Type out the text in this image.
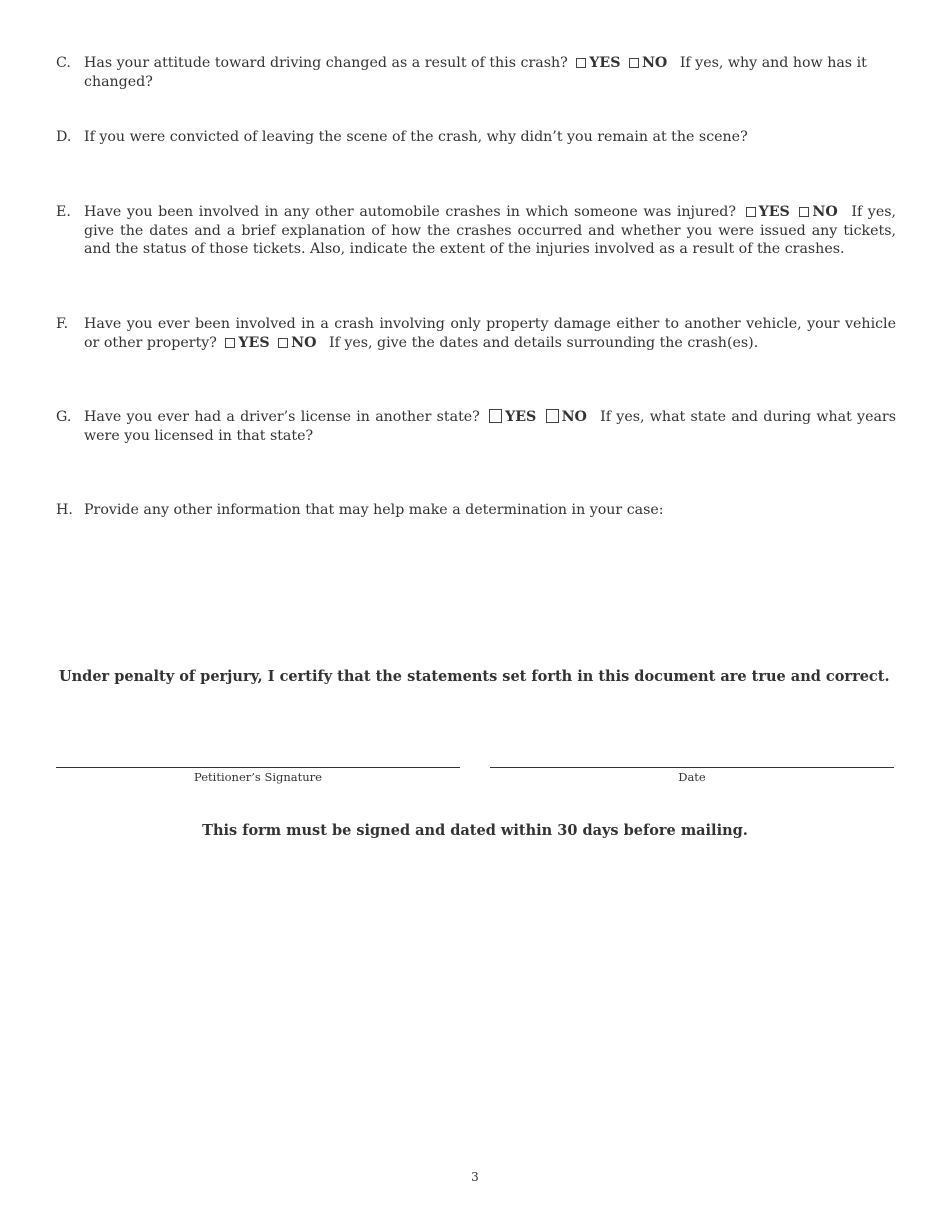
C. Has your attitude toward driving changed as a result of this crash? YES NO If yes, why and how has it changed?
D. If you were convicted of leaving the scene of the crash, why didn’t you remain at the scene?
E. Have you been involved in any other automobile crashes in which someone was injured? YES NO If yes, give the dates and a brief explanation of how the crashes occurred and whether you were issued any tickets, and the status of those tickets. Also, indicate the extent of the injuries involved as a result of the crashes.
F. Have you ever been involved in a crash involving only property damage either to another vehicle, your vehicle or other property? YES NO If yes, give the dates and details surrounding the crash(es).
G. Have you ever had a driver’s license in another state? YES NO If yes, what state and during what years were you licensed in that state?
H. Provide any other information that may help make a determination in your case:
Under penalty of perjury, I certify that the statements set forth in this document are true and correct.
Petitioner’s Signature	Date
This form must be signed and dated within 30 days before mailing.
3
